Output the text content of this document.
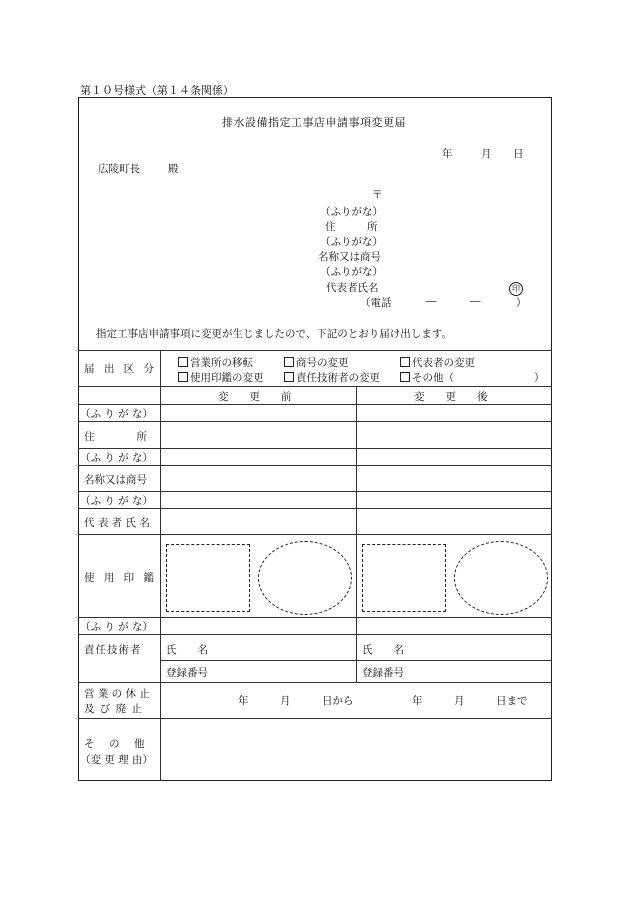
第１０号様式（第１４条関係）
排水設備指定工事店申請事項変更届
年	月 日
広陵町長	殿
〒
（ふりがな）
住　　　所
（ふりがな）
名称又は商号
（ふりがな）
代表者氏名	印
（電話	―	―	）
指定工事店申請事項に変更が生じましたので、下記のとおり届け出します。
届 出 区 分	営業所の移転	商号の変更	代表者の変更
使用印鑑の変更	責任技術者の変更	その他（	）
変　　更　　前	変　　更　　後
（ふ り が な）
住　　　　所
（ふ り が な）
名称又は商号
（ふ り が な）
代 表 者 氏 名
使 用 印 鑑
（ふ り が な）
責任技術者 氏　　名	氏　　名
登録番号	登録番号
営 業 の 休 止
及 び 廃 止
年　　　月　　　日から	年　　　月　　　日まで
そ　の　他
（変 更 理 由）
